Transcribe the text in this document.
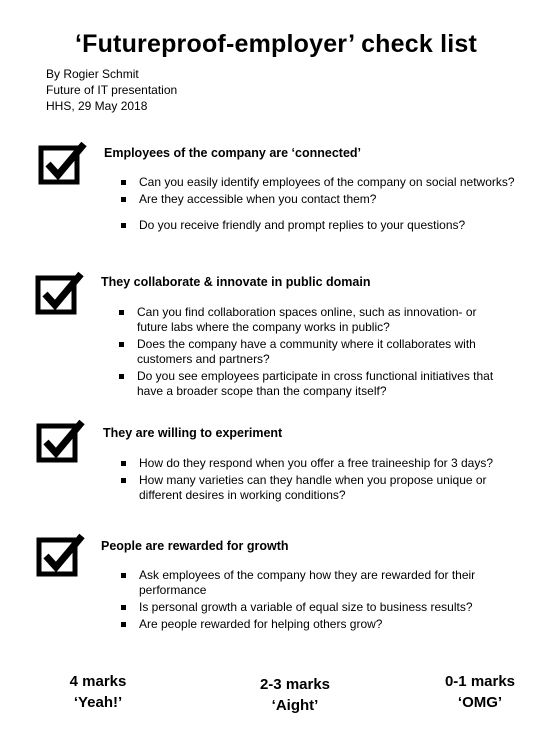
‘Futureproof-employer’ check list
By Rogier Schmit
Future of IT presentation
HHS, 29 May 2018
Employees of the company are ‘connected’
Can you easily identify employees of the company on social networks?
Are they accessible when you contact them?
Do you receive friendly and prompt replies to your questions?
They collaborate & innovate in public domain
Can you find collaboration spaces online, such as innovation- or future labs where the company works in public?
Does the company have a community where it collaborates with customers and partners?
Do you see employees participate in cross functional initiatives that have a broader scope than the company itself?
They are willing to experiment
How do they respond when you offer a free traineeship for 3 days?
How many varieties can they handle when you propose unique or different desires in working conditions?
People are rewarded for growth
Ask employees of the company how they are rewarded for their performance
Is personal growth a variable of equal size to business results?
Are people rewarded for helping others grow?
4 marks
‘Yeah!’
2-3 marks
‘Aight’
0-1 marks
‘OMG’
